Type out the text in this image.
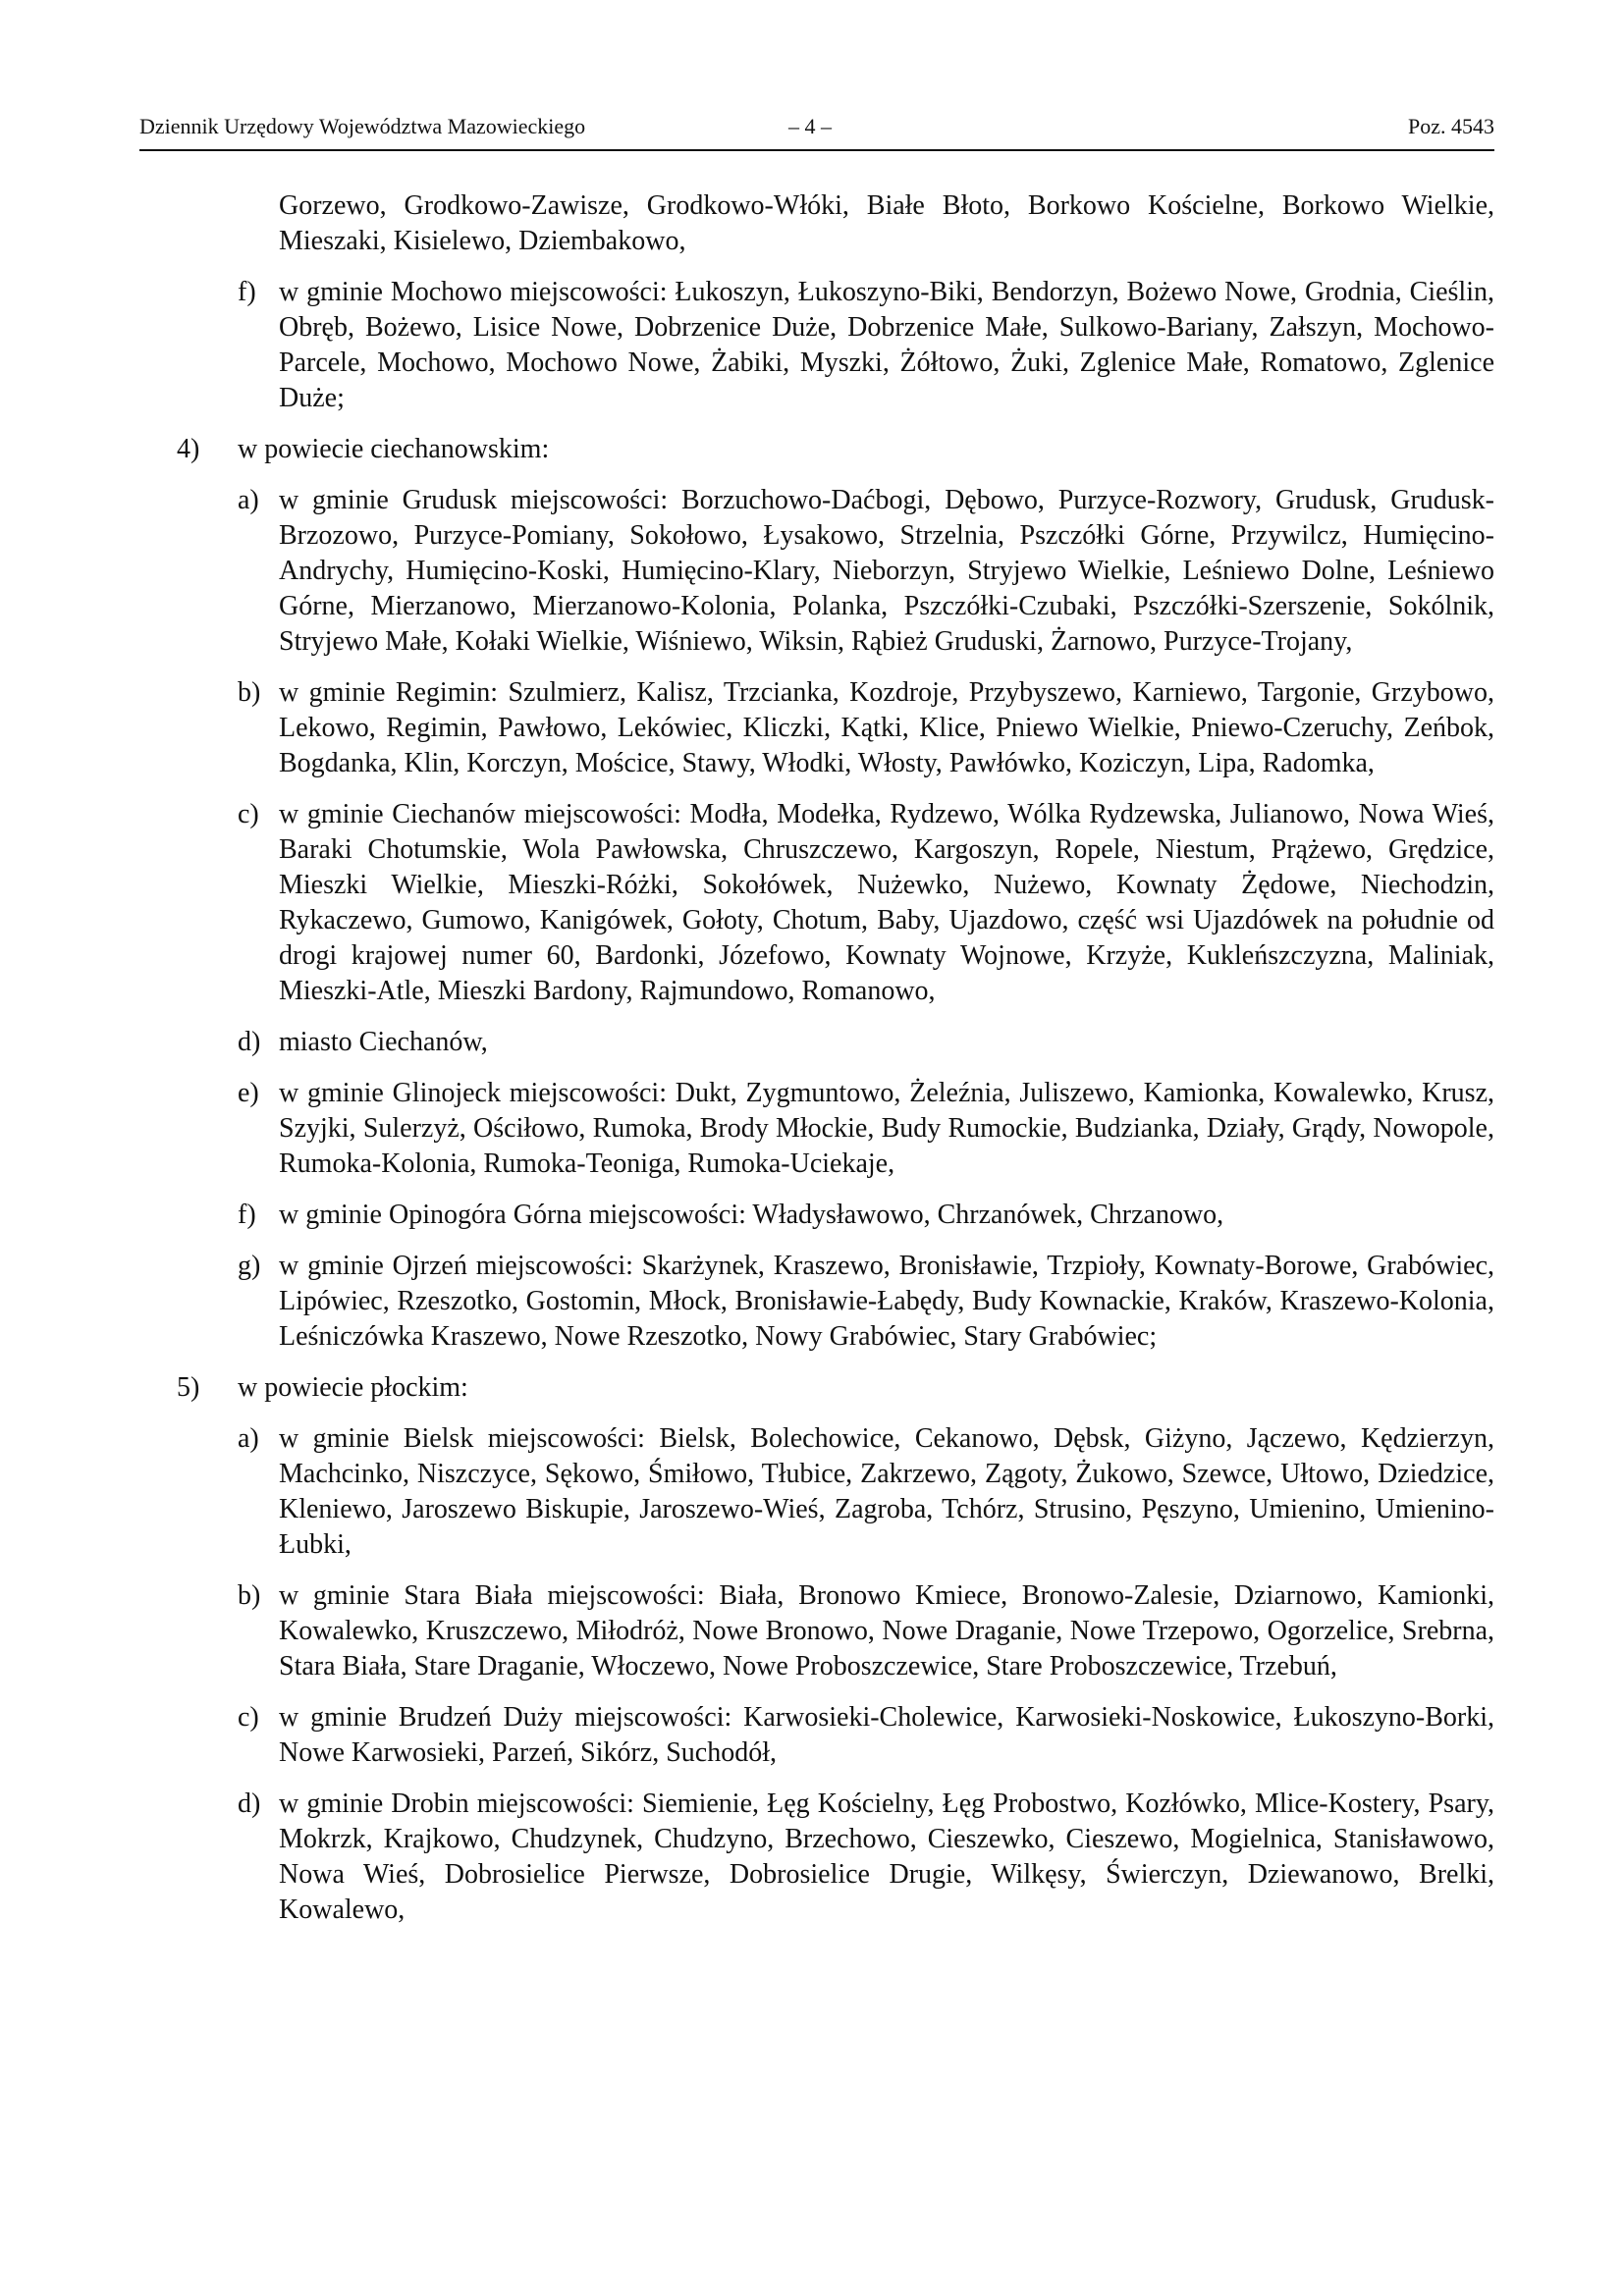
Dziennik Urzędowy Województwa Mazowieckiego	– 4 –	Poz. 4543
Gorzewo, Grodkowo-Zawisze, Grodkowo-Włóki, Białe Błoto, Borkowo Kościelne, Borkowo Wielkie, Mieszaki, Kisielewo, Dziembakowo,
f) w gminie Mochowo miejscowości: Łukoszyn, Łukoszyno-Biki, Bendorzyn, Bożewo Nowe, Grodnia, Cieślin, Obręb, Bożewo, Lisice Nowe, Dobrzenice Duże, Dobrzenice Małe, Sulkowo-Bariany, Załszyn, Mochowo-Parcele, Mochowo, Mochowo Nowe, Żabiki, Myszki, Żółtowo, Żuki, Zglenice Małe, Romatowo, Zglenice Duże;
4) w powiecie ciechanowskim:
a) w gminie Grudusk miejscowości: Borzuchowo-Daćbogi, Dębowo, Purzyce-Rozwory, Grudusk, Grudusk-Brzozowo, Purzyce-Pomiany, Sokołowo, Łysakowo, Strzelnia, Pszczółki Górne, Przywilcz, Humięcino-Andrychy, Humięcino-Koski, Humięcino-Klary, Nieborzyn, Stryjewo Wielkie, Leśniewo Dolne, Leśniewo Górne, Mierzanowo, Mierzanowo-Kolonia, Polanka, Pszczółki-Czubaki, Pszczółki-Szerszenie, Sokólnik, Stryjewo Małe, Kołaki Wielkie, Wiśniewo, Wiksin, Rąbież Gruduski, Żarnowo, Purzyce-Trojany,
b) w gminie Regimin: Szulmierz, Kalisz, Trzcianka, Kozdroje, Przybyszewo, Karniewo, Targonie, Grzybowo, Lekowo, Regimin, Pawłowo, Lekówiec, Kliczki, Kątki, Klice, Pniewo Wielkie, Pniewo-Czeruchy, Zeńbok, Bogdanka, Klin, Korczyn, Mościce, Stawy, Włodki, Włosty, Pawłówko, Koziczyn, Lipa, Radomka,
c) w gminie Ciechanów miejscowości: Modła, Modełka, Rydzewo, Wólka Rydzewska, Julianowo, Nowa Wieś, Baraki Chotumskie, Wola Pawłowska, Chruszczewo, Kargoszyn, Ropele, Niestum, Prążewo, Grędzice, Mieszki Wielkie, Mieszki-Różki, Sokołówek, Nużewko, Nużewo, Kownaty Żędowe, Niechodzin, Rykaczewo, Gumowo, Kanigówek, Gołoty, Chotum, Baby, Ujazdowo, część wsi Ujazdówek na południe od drogi krajowej numer 60, Bardonki, Józefowo, Kownaty Wojnowe, Krzyże, Kukleńszczyzna, Maliniak, Mieszki-Atle, Mieszki Bardony, Rajmundowo, Romanowo,
d) miasto Ciechanów,
e) w gminie Glinojeck miejscowości: Dukt, Zygmuntowo, Żeleźnia, Juliszewo, Kamionka, Kowalewko, Krusz, Szyjki, Sulerzyż, Ościłowo, Rumoka, Brody Młockie, Budy Rumockie, Budzianka, Działy, Grądy, Nowopole, Rumoka-Kolonia, Rumoka-Teoniga, Rumoka-Uciekaje,
f) w gminie Opinogóra Górna miejscowości: Władysławowo, Chrzanówek, Chrzanowo,
g) w gminie Ojrzeń miejscowości: Skarżynek, Kraszewo, Bronisławie, Trzpioły, Kownaty-Borowe, Grabówiec, Lipówiec, Rzeszotko, Gostomin, Młock, Bronisławie-Łabędy, Budy Kownackie, Kraków, Kraszewo-Kolonia, Leśniczówka Kraszewo, Nowe Rzeszotko, Nowy Grabówiec, Stary Grabówiec;
5) w powiecie płockim:
a) w gminie Bielsk miejscowości: Bielsk, Bolechowice, Cekanowo, Dębsk, Giżyno, Jączewo, Kędzierzyn, Machcinko, Niszczyce, Sękowo, Śmiłowo, Tłubice, Zakrzewo, Zągoty, Żukowo, Szewce, Ułtowo, Dziedzice, Kleniewo, Jaroszewo Biskupie, Jaroszewo-Wieś, Zagroba, Tchórz, Strusino, Pęszyno, Umienino, Umienino-Łubki,
b) w gminie Stara Biała miejscowości: Biała, Bronowo Kmiece, Bronowo-Zalesie, Dziarnowo, Kamionki, Kowalewko, Kruszczewo, Miłodróż, Nowe Bronowo, Nowe Draganie, Nowe Trzepowo, Ogorzelice, Srebrna, Stara Biała, Stare Draganie, Włoczewo, Nowe Proboszczewice, Stare Proboszczewice, Trzebuń,
c) w gminie Brudzeń Duży miejscowości: Karwosieki-Cholewice, Karwosieki-Noskowice, Łukoszyno-Borki, Nowe Karwosieki, Parzeń, Sikórz, Suchodół,
d) w gminie Drobin miejscowości: Siemienie, Łęg Kościelny, Łęg Probostwo, Kozłówko, Mlice-Kostery, Psary, Mokrzk, Krajkowo, Chudzynek, Chudzyno, Brzechowo, Cieszewko, Cieszewo, Mogielnica, Stanisławowo, Nowa Wieś, Dobrosielice Pierwsze, Dobrosielice Drugie, Wilkęsy, Świerczyn, Dziewanowo, Brelki, Kowalewo,
